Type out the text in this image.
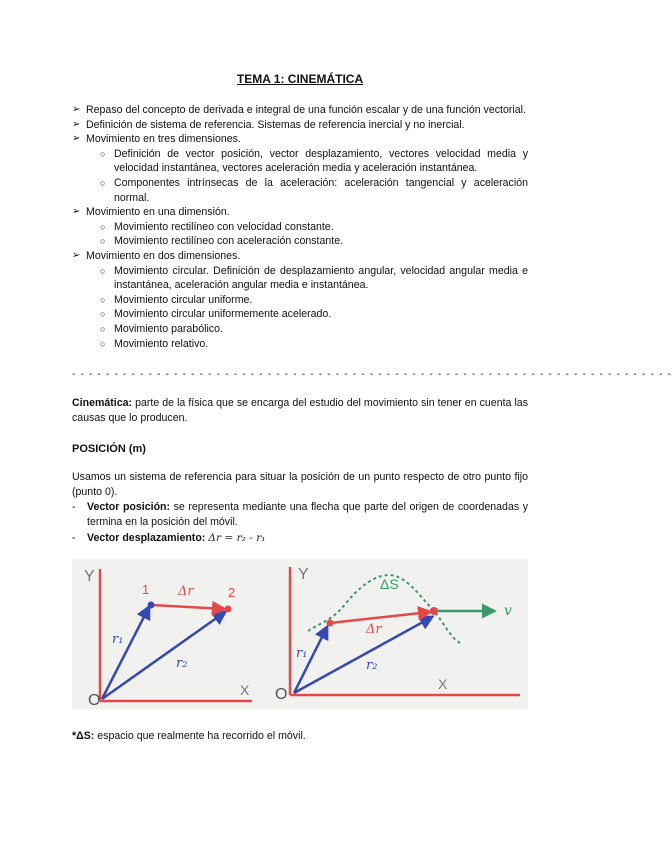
TEMA 1: CINEMÁTICA
➢ Repaso del concepto de derivada e integral de una función escalar y de una función vectorial.
➢ Definición de sistema de referencia. Sistemas de referencia inercial y no inercial.
➢ Movimiento en tres dimensiones.
○ Definición de vector posición, vector desplazamiento, vectores velocidad media y velocidad instantánea, vectores aceleración media y aceleración instantánea.
○ Componentes intrínsecas de la aceleración: aceleración tangencial y aceleración normal.
➢ Movimiento en una dimensión.
○ Movimiento rectilíneo con velocidad constante.
○ Movimiento rectilíneo con aceleración constante.
➢ Movimiento en dos dimensiones.
○ Movimiento circular. Definición de desplazamiento angular, velocidad angular media e instantánea, aceleración angular media e instantánea.
○ Movimiento circular uniforme.
○ Movimiento circular uniformemente acelerado.
○ Movimiento parabólico.
○ Movimiento relativo.
- - - - - - - - - - - - - - - - - - - - - - - - - - - - - - - - - - - - - - - - - - - - - - - - - - - - - - - - - - - - - - - - - - - - - - -
Cinemática: parte de la física que se encarga del estudio del movimiento sin tener en cuenta las causas que lo producen.
POSICIÓN (m)
Usamos un sistema de referencia para situar la posición de un punto respecto de otro punto fijo (punto 0).
-	Vector posición: se representa mediante una flecha que parte del origen de coordenadas y termina en la posición del móvil.
-	Vector desplazamiento: Δr = r₂ - r₁
Y
X
O
1	2
Δr
r₁
r₂
Y
X
O
ΔS
Δr
r₁
r₂
v
*ΔS: espacio que realmente ha recorrido el móvil.
